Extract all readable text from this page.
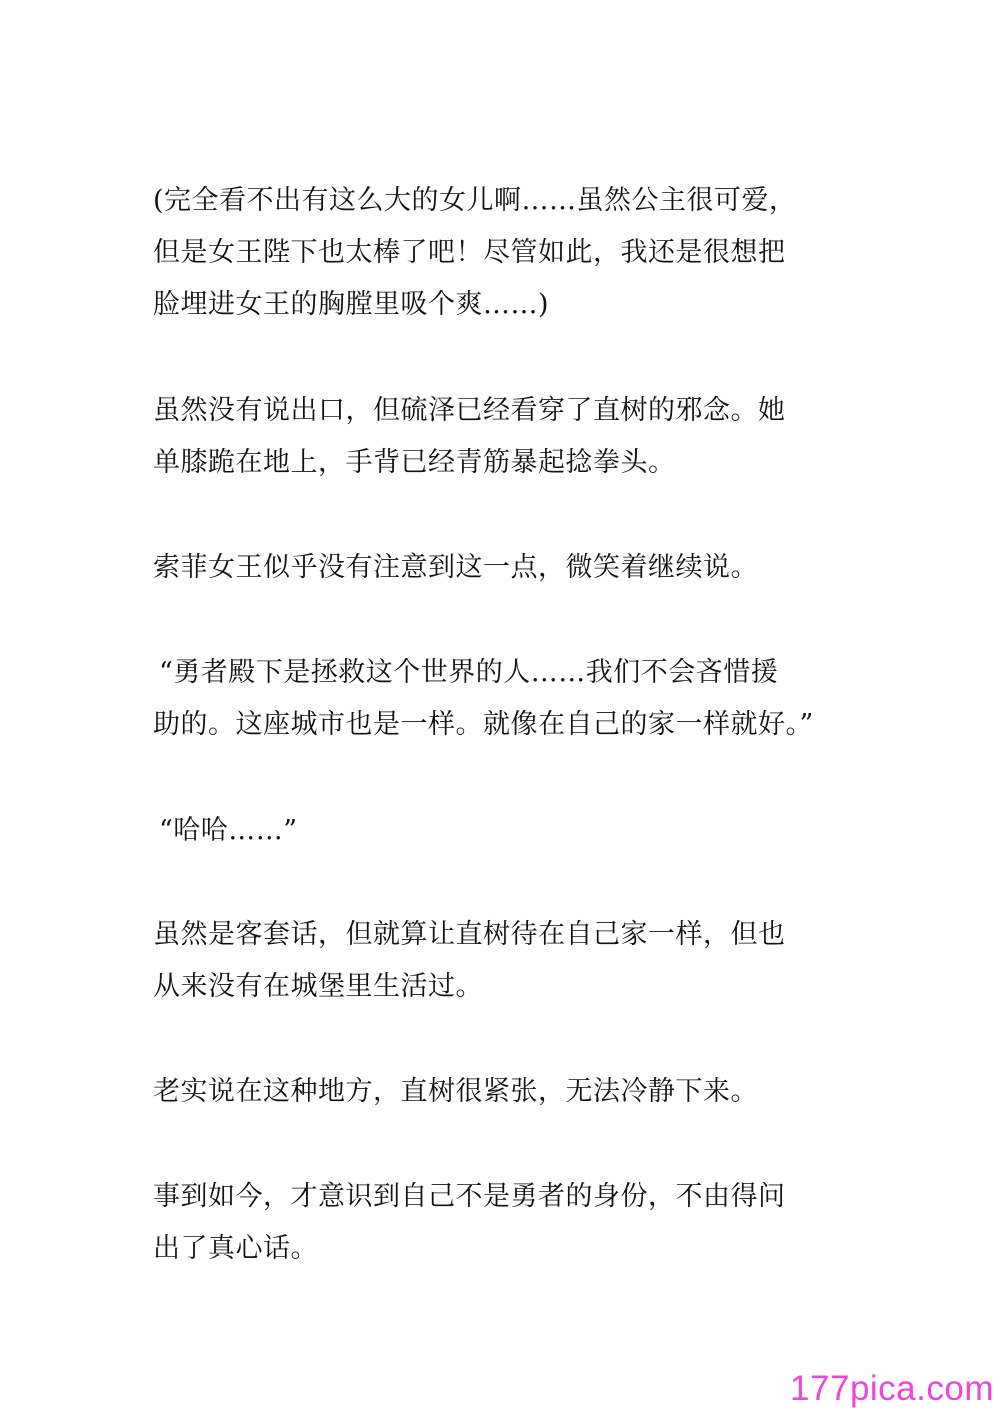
(完全看不出有这么大的女儿啊……虽然公主很可爱，
但是女王陛下也太棒了吧！尽管如此，我还是很想把
脸埋进女王的胸膛里吸个爽……)
虽然没有说出口，但硫泽已经看穿了直树的邪念。她
单膝跪在地上，手背已经青筋暴起捻拳头。
索菲女王似乎没有注意到这一点，微笑着继续说。
“勇者殿下是拯救这个世界的人……我们不会吝惜援
助的。这座城市也是一样。就像在自己的家一样就好。”
“哈哈……”
虽然是客套话，但就算让直树待在自己家一样，但也
从来没有在城堡里生活过。
老实说在这种地方，直树很紧张，无法冷静下来。
事到如今，才意识到自己不是勇者的身份，不由得问
出了真心话。
177pica.com
